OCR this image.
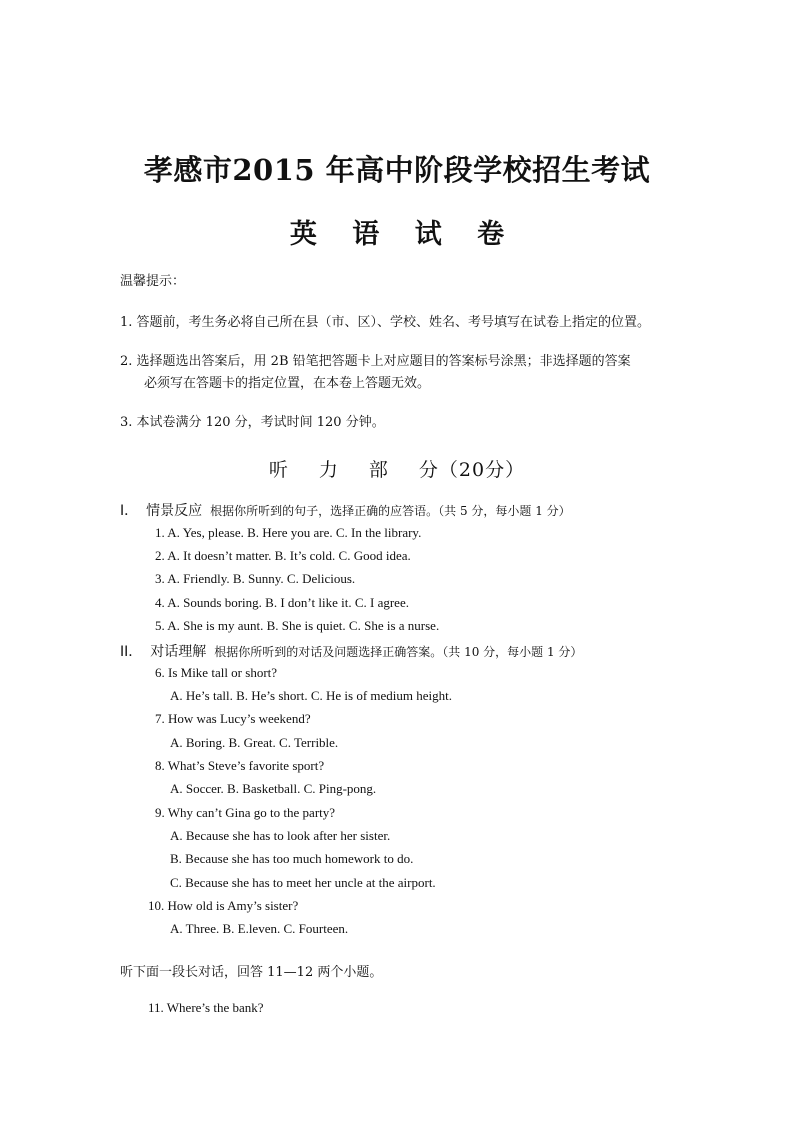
孝感市2015 年高中阶段学校招生考试
英 语 试 卷
温馨提示：
1. 答题前，考生务必将自己所在县（市、区）、学校、姓名、考号填写在试卷上指定的位置。
2. 选择题选出答案后，用 2B 铅笔把答题卡上对应题目的答案标号涂黑；非选择题的答案
必须写在答题卡的指定位置，在本卷上答题无效。
3. 本试卷满分 120 分，考试时间 120 分钟。
听 力 部 分（20分）
I． 情景反应 根据你所听到的句子，选择正确的应答语。（共 5 分，每小题 1 分）
1. A. Yes, please. B. Here you are. C. In the library.
2. A. It doesn’t matter. B. It’s cold. C. Good idea.
3. A. Friendly. B. Sunny. C. Delicious.
4. A. Sounds boring. B. I don’t like it. C. I agree.
5. A. She is my aunt. B. She is quiet. C. She is a nurse.
II． 对话理解 根据你所听到的对话及问题选择正确答案。（共 10 分，每小题 1 分）
6. Is Mike tall or short?
A. He’s tall. B. He’s short. C. He is of medium height.
7. How was Lucy’s weekend?
A. Boring. B. Great. C. Terrible.
8. What’s Steve’s favorite sport?
A. Soccer. B. Basketball. C. Ping-pong.
9. Why can’t Gina go to the party?
A. Because she has to look after her sister.
B. Because she has too much homework to do.
C. Because she has to meet her uncle at the airport.
10. How old is Amy’s sister?
A. Three. B. E.leven. C. Fourteen.
听下面一段长对话，回答 11—12 两个小题。
11. Where’s the bank?
